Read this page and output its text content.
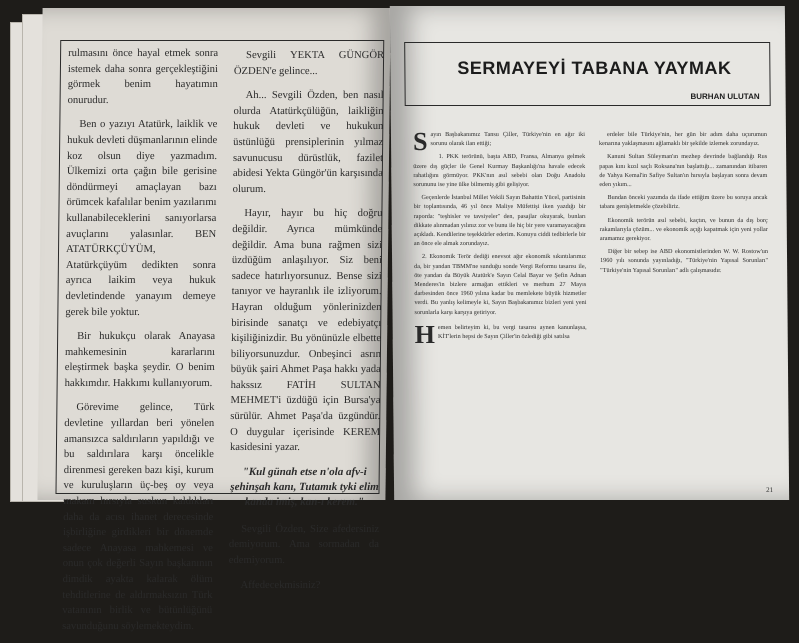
rulmasını önce hayal etmek sonra istemek daha sonra gerçekleştiğini görmek benim hayatımın onurudur.

Ben o yazıyı Atatürk, laiklik ve hukuk devleti düşmanlarının elinde koz olsun diye yazmadım. Ülkemizi orta çağın bile gerisine döndürmeyi amaçlayan bazı örümcek kafalılar benim yazılarımı kullanabileceklerini sanıyorlarsa avuçlarını yalasınlar. BEN ATATÜRKÇÜYÜM, Atatürkçüyüm dedikten sonra ayrıca laikim veya hukuk devletindende yanayım demeye gerek bile yoktur.

Bir hukukçu olarak Anayasa mahkemesinin kararlarını eleştirmek başka şeydir. O benim hakkımdır. Hakkımı kullanıyorum.

Görevime gelince, Türk devletine yıllardan beri yönelen amansızca saldırıların yapıldığı ve bu saldırılara karşı öncelikle direnmesi gereken bazı kişi, kurum ve kuruluşların üç-beş oy veya makam hırsıyla suskun kaldıkları daha da acısı ihanet derecesinde işbirliğine girdikleri bir dönemde sadece Anayasa mahkemesi ve onun çok değerli Sayın başkanının dimdik ayakta kalarak ölüm tehditlerine de aldırmaksızın Türk vatanının birlik ve bütünlüğünü savunduğunu söylemekteydim.

Sevgili YEKTA GÜNGÖR ÖZDEN'e gelince...

Ah... Sevgili Özden, ben nasıl olurda Atatürkçülüğün, laikliğin hukuk devleti ve hukukun üstünlüğü prensiplerinin yılmaz savunucusu dürüstlük, fazilet abidesi Yekta Güngör'ün karşısında olurum.

Hayır, hayır bu hiç doğru değildir. Ayrıca mümkünde değildir. Ama buna rağmen sizi üzdüğüm anlaşılıyor. Siz beni sadece hatırlıyorsunuz. Bense sizi tanıyor ve hayranlık ile izliyorum. Hayran olduğum yönlerinizden birisinde sanatçı ve edebiyatçı kişiliğinizdir. Bu yönünüzle elbette biliyorsunuzdur. Onbeşinci asrın büyük şairi Ahmet Paşa hakkı yada hakssız FATİH SULTAN MEHMET'i üzdüğü için Bursa'ya sürülür. Ahmet Paşa'da üzgündür. O duygular içerisinde KEREM kasidesini yazar.

"Kul günah etse n'ola afv-i şehinşah kanı, Tutamık tyki elim kanda imiş, kan-ı kerem."

Sevgili Özden, Size afedersiniz demiyorum. Ama sormadan da edemiyorum.

Affedecekmisiniz?

SERMAYEYİ TABANA YAYMAK
BURHAN ULUTAN

Sayın Başbakanımız Tansu Çiller, Türkiye'nin en ağır iki sorunu olarak ilan ettiği;

1. PKK terörünü, başta ABD, Fransa, Almanya gelmek üzere dış güçler ile Genel Kurmay Başkanlığı'na havale edecek rahatlığını görmüyor. PKK'nın asıl sebebi olan Doğu Anadolu sorununu ise yine ülke bilmemiş gibi gelişiyor.

Geçenlerde İstanbul Millet Vekili Sayın Bahattin Yücel, partisinin bir toplantısında, 46 yıl önce Maliye Müfettişi iken yazdığı bir raporda: "teşhisler ve tavsiyeler" den, pasajlar okuyarak, bunları dikkate alınmadan yılınız zor ve bunu ile hiç bir yere varamayacağını açıkladı. Kendilerine teşekkürler ederim. Konuyu ciddi tedbirlerle bir an önce ele almak zorundayız.

2. Ekonomik Terör dediği enevsot ağır ekonomik sıkıntılarımız da, bir yandan TBMM'ne sunduğu sonde Vergi Reformu tasarısı ile, öte yandan da Büyük Atatürk'e Sayın Celal Bayar ve Şefin Adnan Menderes'in bizlere armağan ettikleri ve merhum 27 Mayıs darbesinden önce 1960 yılına kadar bu memlekete büyük hizmetler verdi. Bu yanlış kelimeyle ki, Sayın Başbakanımız bizleri yeni yeni sorunlarla karşı karşıya getiriyor.

Hemen belirteyim ki, bu vergi tasarısı aynen kanunlaşsa, KİT'lerin hepsi de Sayın Çiller'in özlediği gibi satılsa

erdeler bile Türkiye'nin, her gün bir adım daha uçurumun kenarına yaklaşmasını ağlamaklı bir şekilde izlemek zorundayız.

Kanuni Sultan Süleyman'ın mezhep devrinde bağlandığı Rus papas kını kızıl saçlı Roksana'nın başlattığı... zamanından itibaren de Yahya Kemal'in Safiye Sultan'ın hırsıyla başlayan sonra devam eden yıkım...

Bundan önceki yazımda da ifade ettiğim üzere bu soruya ancak tabanı genişletmekle çözebiliriz.

Ekonomik terörün asıl sebebi, kaçtın, ve bunun da dış borç rakamlarıyla çözüm... ve ekonomik açığı kapatmak için yeni yollar aramamız gerekiyor.

Diğer bir sebep ise ABD ekonomistlerinden W. W. Rostow'un 1960 yılı sonunda yayınladığı, "Türkiye'nin Yapısal Sorunları" "Türkiye'nin Yapısal Sorunları" adlı çalışmasıdır.

21
